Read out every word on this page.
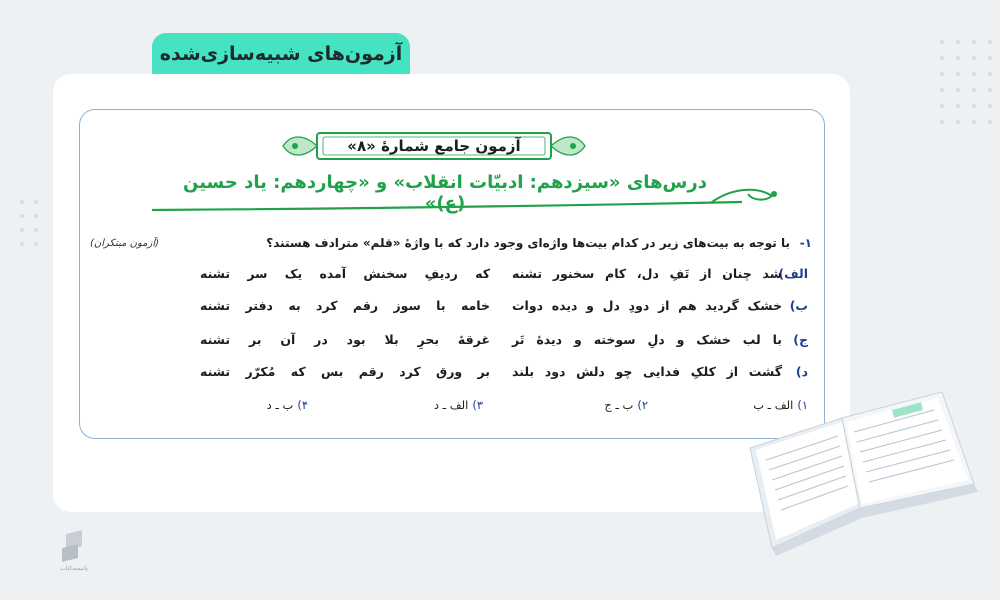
آزمون‌های شبیه‌سازی‌شده
آزمون جامع شمارهٔ «۸»
درس‌های «سیزدهم: ادبیّات انقلاب» و «چهاردهم: یاد حسین (ع)»
۱-
با توجه به بیت‌های زیر در کدام بیت‌ها واژه‌ای وجود دارد که با واژهٔ «قلم» مترادف هستند؟
(آزمون مبتکران)
الف)
شد چنان از تَفِ دل، کام سخنور تشنه
که ردیفِ سخنش آمده یک سر تشنه
ب)
خشک گردید هم از دودِ دل و دیده دوات
خامه با سوز رقم کرد به دفتر تشنه
ج)
با لب خشک و دلِ سوخته و دیدهٔ تَر
غرقهٔ بحرِ بلا بود در آن بر تشنه
د)
گشت از کلکِ فدایی چو دلش دود بلند
بر ورق کرد رقم بس که مُکرّر تشنه
۱)الف ـ ب
۲)ب ـ ج
۳)الف ـ د
۴)ب ـ د
پاتیسه‌کتاب
